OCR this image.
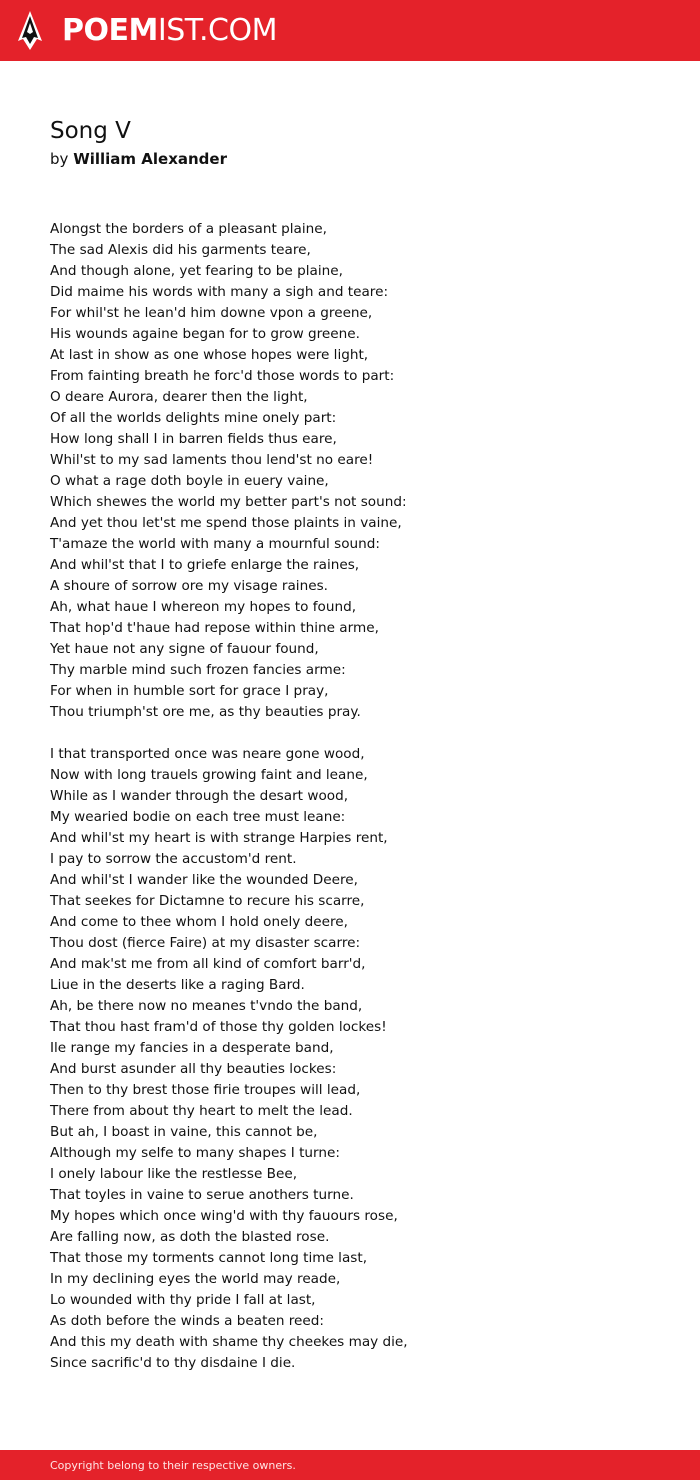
POEMIST.COM
Song V
by William Alexander
Alongst the borders of a pleasant plaine,
The sad Alexis did his garments teare,
And though alone, yet fearing to be plaine,
Did maime his words with many a sigh and teare:
For whil'st he lean'd him downe vpon a greene,
His wounds againe began for to grow greene.
At last in show as one whose hopes were light,
From fainting breath he forc'd those words to part:
O deare Aurora, dearer then the light,
Of all the worlds delights mine onely part:
How long shall I in barren fields thus eare,
Whil'st to my sad laments thou lend'st no eare!
O what a rage doth boyle in euery vaine,
Which shewes the world my better part's not sound:
And yet thou let'st me spend those plaints in vaine,
T'amaze the world with many a mournful sound:
And whil'st that I to griefe enlarge the raines,
A shoure of sorrow ore my visage raines.
Ah, what haue I whereon my hopes to found,
That hop'd t'haue had repose within thine arme,
Yet haue not any signe of fauour found,
Thy marble mind such frozen fancies arme:
For when in humble sort for grace I pray,
Thou triumph'st ore me, as thy beauties pray.
I that transported once was neare gone wood,
Now with long trauels growing faint and leane,
While as I wander through the desart wood,
My wearied bodie on each tree must leane:
And whil'st my heart is with strange Harpies rent,
I pay to sorrow the accustom'd rent.
And whil'st I wander like the wounded Deere,
That seekes for Dictamne to recure his scarre,
And come to thee whom I hold onely deere,
Thou dost (fierce Faire) at my disaster scarre:
And mak'st me from all kind of comfort barr'd,
Liue in the deserts like a raging Bard.
Ah, be there now no meanes t'vndo the band,
That thou hast fram'd of those thy golden lockes!
Ile range my fancies in a desperate band,
And burst asunder all thy beauties lockes:
Then to thy brest those firie troupes will lead,
There from about thy heart to melt the lead.
But ah, I boast in vaine, this cannot be,
Although my selfe to many shapes I turne:
I onely labour like the restlesse Bee,
That toyles in vaine to serue anothers turne.
My hopes which once wing'd with thy fauours rose,
Are falling now, as doth the blasted rose.
That those my torments cannot long time last,
In my declining eyes the world may reade,
Lo wounded with thy pride I fall at last,
As doth before the winds a beaten reed:
And this my death with shame thy cheekes may die,
Since sacrific'd to thy disdaine I die.
Copyright belong to their respective owners.
